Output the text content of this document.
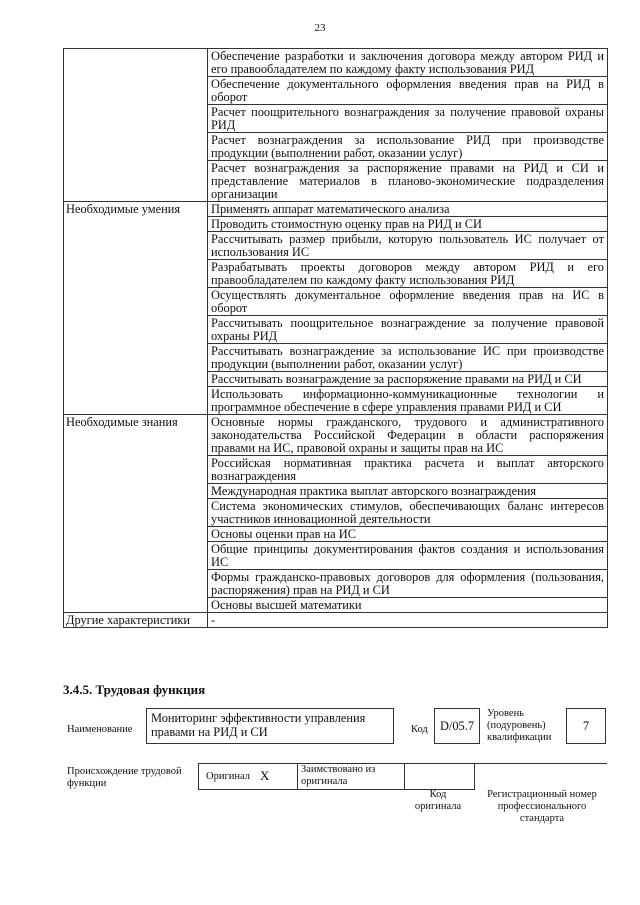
23
	Обеспечение разработки и заключения договора между автором РИД и его правообладателем по каждому факту использования РИД
	Обеспечение документального оформления введения прав на РИД в оборот
	Расчет поощрительного вознаграждения за получение правовой охраны РИД
	Расчет вознаграждения за использование РИД при производстве продукции (выполнении работ, оказании услуг)
	Расчет вознаграждения за распоряжение правами на РИД и СИ и представление материалов в планово-экономические подразделения организации
Необходимые умения	Применять аппарат математического анализа
	Проводить стоимостную оценку прав на РИД и СИ
	Рассчитывать размер прибыли, которую пользователь ИС получает от использования ИС
	Разрабатывать проекты договоров между автором РИД и его правообладателем по каждому факту использования РИД
	Осуществлять документальное оформление введения прав на ИС в оборот
	Рассчитывать поощрительное вознаграждение за получение правовой охраны РИД
	Рассчитывать вознаграждение за использование ИС при производстве продукции (выполнении работ, оказании услуг)
	Рассчитывать вознаграждение за распоряжение правами на РИД и СИ
	Использовать информационно-коммуникационные технологии и программное обеспечение в сфере управления правами РИД и СИ
Необходимые знания	Основные нормы гражданского, трудового и административного законодательства Российской Федерации в области распоряжения правами на ИС, правовой охраны и защиты прав на ИС
	Российская нормативная практика расчета и выплат авторского вознаграждения
	Международная практика выплат авторского вознаграждения
	Система экономических стимулов, обеспечивающих баланс интересов участников инновационной деятельности
	Основы оценки прав на ИС
	Общие принципы документирования фактов создания и использования ИС
	Формы гражданско-правовых договоров для оформления (пользования, распоряжения) прав на РИД и СИ
	Основы высшей математики
Другие характеристики	-
3.4.5. Трудовая функция
Наименование
Мониторинг эффективности управления правами на РИД и СИ	Код D/05.7
Уровень (подуровень) квалификации
7
Происхождение трудовой функции
Оригинал Х	Заимствовано из оригинала
Код оригинала
Регистрационный номер профессионального стандарта
